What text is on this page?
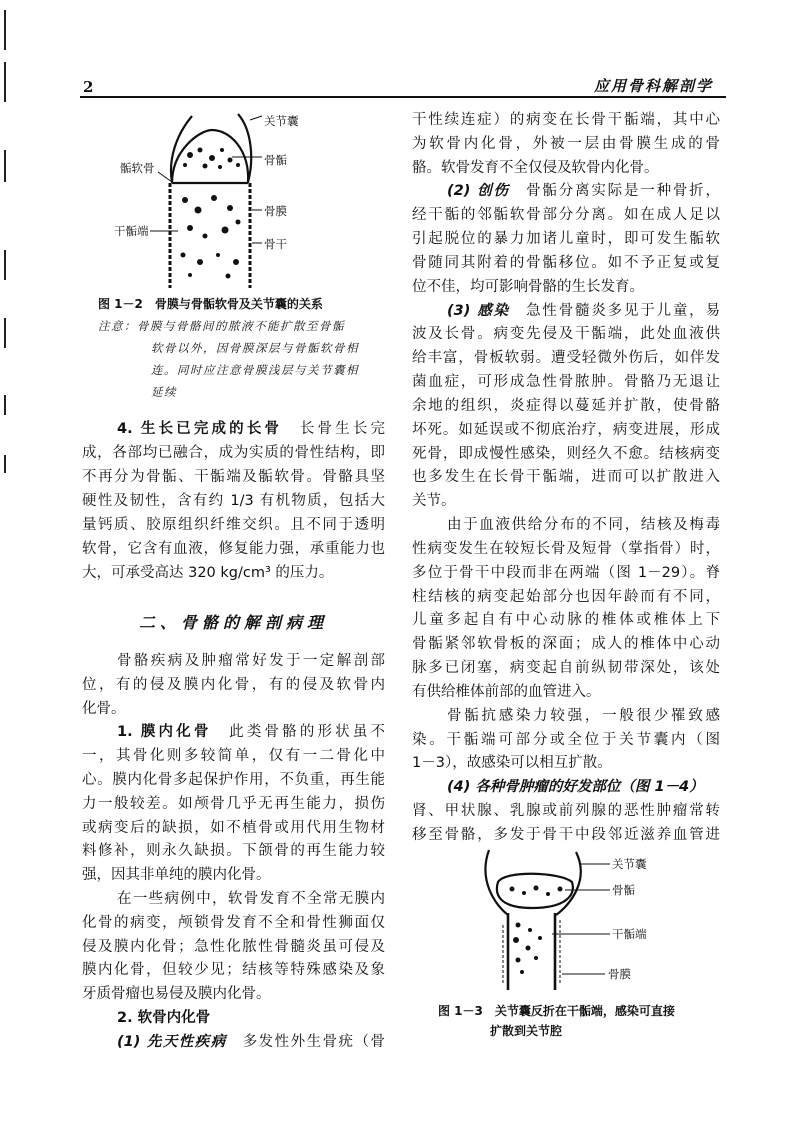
2	应用骨科解剖学
关节囊
骨骺
骺软骨
骨膜
干骺端
骨干
图 1－2　骨膜与骨骺软骨及关节囊的关系
注意：骨膜与骨骼间的脓液不能扩散至骨骺
软骨以外，因骨膜深层与骨骺软骨相
连。同时应注意骨膜浅层与关节囊相
延续
4. 生长已完成的长骨　长骨生长完
成，各部均已融合，成为实质的骨性结构，即
不再分为骨骺、干骺端及骺软骨。骨骼具坚
硬性及韧性，含有约 1/3 有机物质，包括大
量钙质、胶原组织纤维交织。且不同于透明
软骨，它含有血液，修复能力强，承重能力也
大，可承受高达 320 kg/cm³ 的压力。
二、骨骼的解剖病理
骨骼疾病及肿瘤常好发于一定解剖部
位，有的侵及膜内化骨，有的侵及软骨内
化骨。
1. 膜内化骨　此类骨骼的形状虽不
一，其骨化则多较简单，仅有一二骨化中
心。膜内化骨多起保护作用，不负重，再生能
力一般较差。如颅骨几乎无再生能力，损伤
或病变后的缺损，如不植骨或用代用生物材
料修补，则永久缺损。下颌骨的再生能力较
强，因其非单纯的膜内化骨。
在一些病例中，软骨发育不全常无膜内
化骨的病变，颅锁骨发育不全和骨性狮面仅
侵及膜内化骨；急性化脓性骨髓炎虽可侵及
膜内化骨，但较少见；结核等特殊感染及象
牙质骨瘤也易侵及膜内化骨。
2. 软骨内化骨
(1) 先天性疾病　多发性外生骨疣（骨
干性续连症）的病变在长骨干骺端，其中心
为软骨内化骨，外被一层由骨膜生成的骨
骼。软骨发育不全仅侵及软骨内化骨。
(2) 创伤　骨骺分离实际是一种骨折，
经干骺的邻骺软骨部分分离。如在成人足以
引起脱位的暴力加诸儿童时，即可发生骺软
骨随同其附着的骨骺移位。如不予正复或复
位不佳，均可影响骨骼的生长发育。
(3) 感染　急性骨髓炎多见于儿童，易
波及长骨。病变先侵及干骺端，此处血液供
给丰富，骨板软弱。遭受轻微外伤后，如伴发
菌血症，可形成急性骨脓肿。骨骼乃无退让
余地的组织，炎症得以蔓延并扩散，使骨骼
坏死。如延误或不彻底治疗，病变进展，形成
死骨，即成慢性感染，则经久不愈。结核病变
也多发生在长骨干骺端，进而可以扩散进入
关节。
由于血液供给分布的不同，结核及梅毒
性病变发生在较短长骨及短骨（掌指骨）时，
多位于骨干中段而非在两端（图 1－29）。脊
柱结核的病变起始部分也因年龄而有不同，
儿童多起自有中心动脉的椎体或椎体上下
骨骺紧邻软骨板的深面；成人的椎体中心动
脉多已闭塞，病变起自前纵韧带深处，该处
有供给椎体前部的血管进入。
骨骺抗感染力较强，一般很少罹致感
染。干骺端可部分或全位于关节囊内（图
1－3），故感染可以相互扩散。
(4) 各种骨肿瘤的好发部位（图 1－4）
肾、甲状腺、乳腺或前列腺的恶性肿瘤常转
移至骨骼，多发于骨干中段邻近滋养血管进
关节囊
骨骺
干骺端
骨膜
图 1－3　关节囊反折在干骺端，感染可直接
扩散到关节腔
